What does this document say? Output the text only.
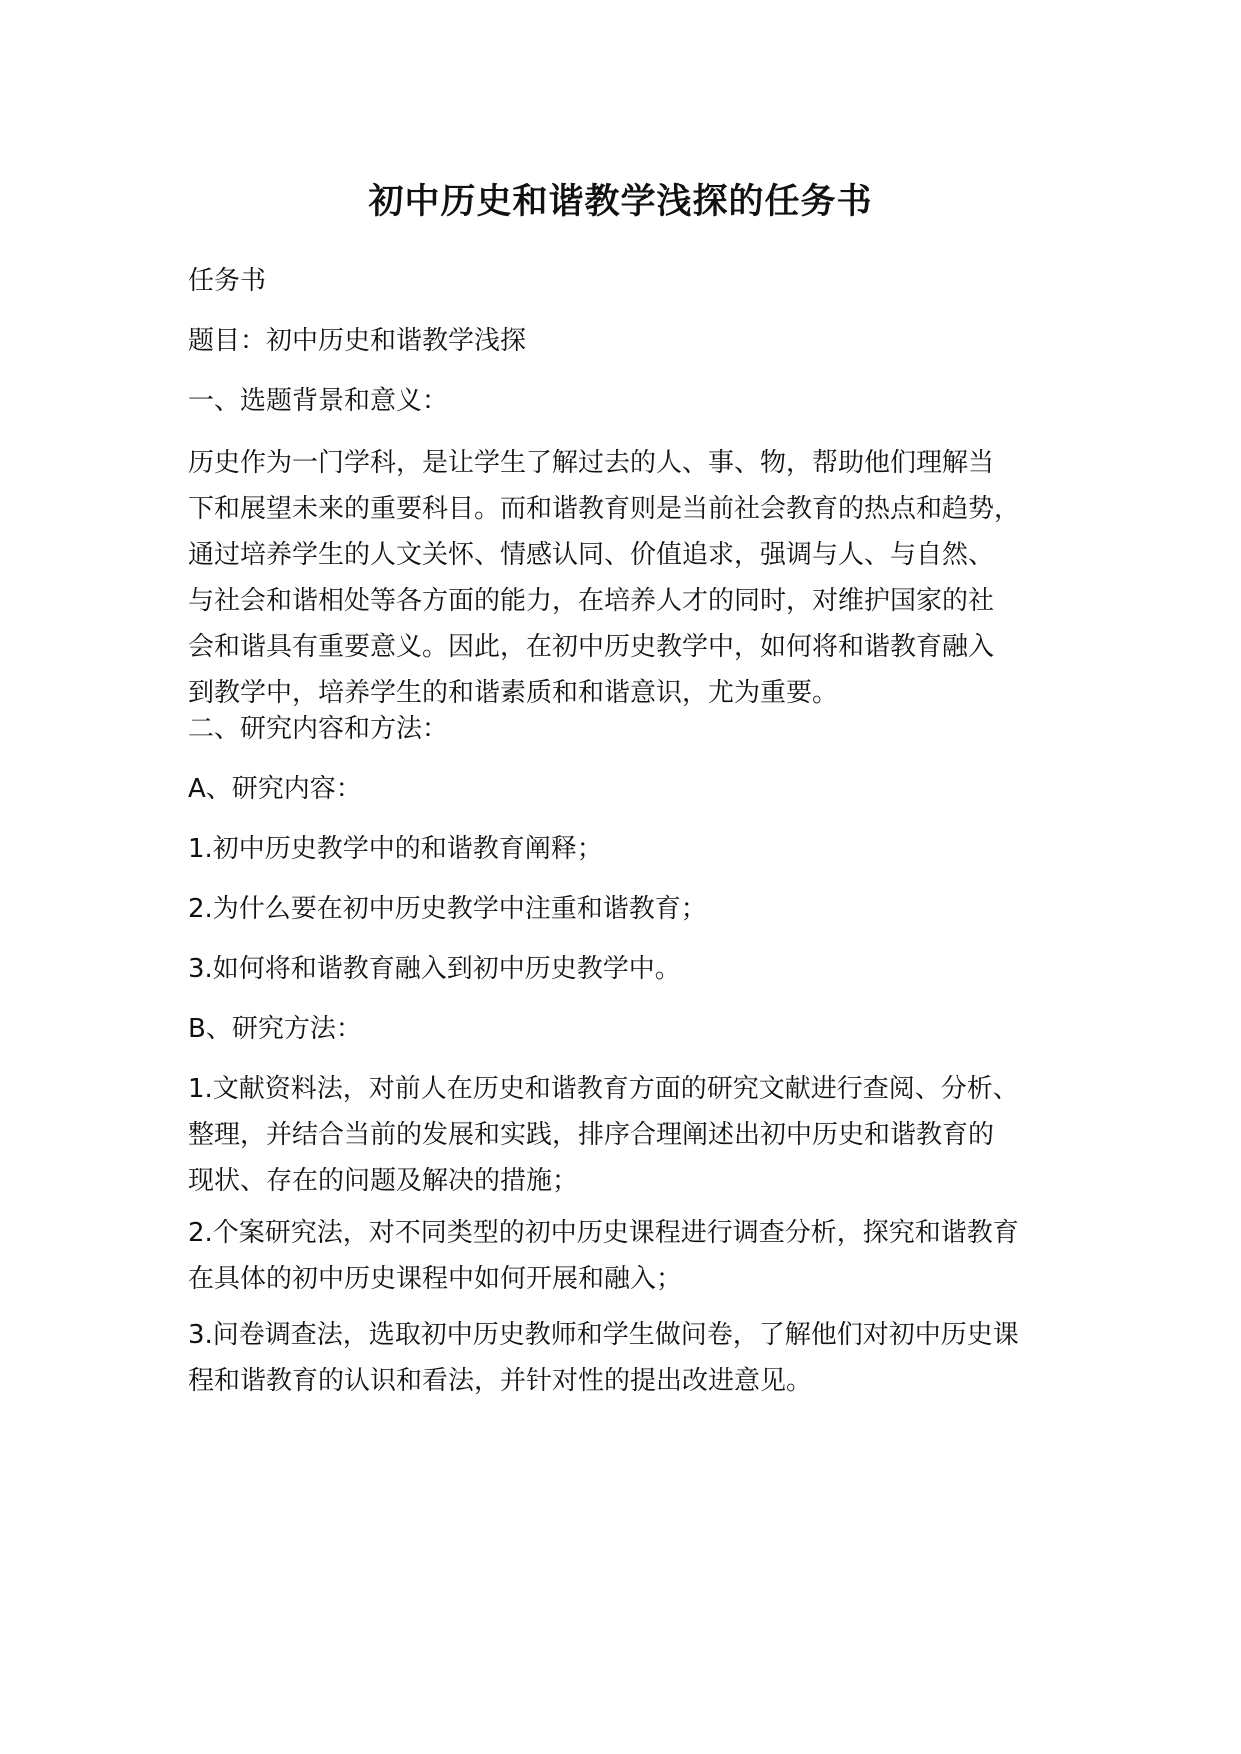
初中历史和谐教学浅探的任务书

任务书

题目：初中历史和谐教学浅探

一、选题背景和意义：

历史作为一门学科，是让学生了解过去的人、事、物，帮助他们理解当
下和展望未来的重要科目。而和谐教育则是当前社会教育的热点和趋势，
通过培养学生的人文关怀、情感认同、价值追求，强调与人、与自然、
与社会和谐相处等各方面的能力，在培养人才的同时，对维护国家的社
会和谐具有重要意义。因此，在初中历史教学中，如何将和谐教育融入
到教学中，培养学生的和谐素质和和谐意识，尤为重要。

二、研究内容和方法：

A、研究内容：

1.初中历史教学中的和谐教育阐释；

2.为什么要在初中历史教学中注重和谐教育；

3.如何将和谐教育融入到初中历史教学中。

B、研究方法：

1.文献资料法，对前人在历史和谐教育方面的研究文献进行查阅、分析、
整理，并结合当前的发展和实践，排序合理阐述出初中历史和谐教育的
现状、存在的问题及解决的措施；
2.个案研究法，对不同类型的初中历史课程进行调查分析，探究和谐教育
在具体的初中历史课程中如何开展和融入；
3.问卷调查法，选取初中历史教师和学生做问卷，了解他们对初中历史课
程和谐教育的认识和看法，并针对性的提出改进意见。
